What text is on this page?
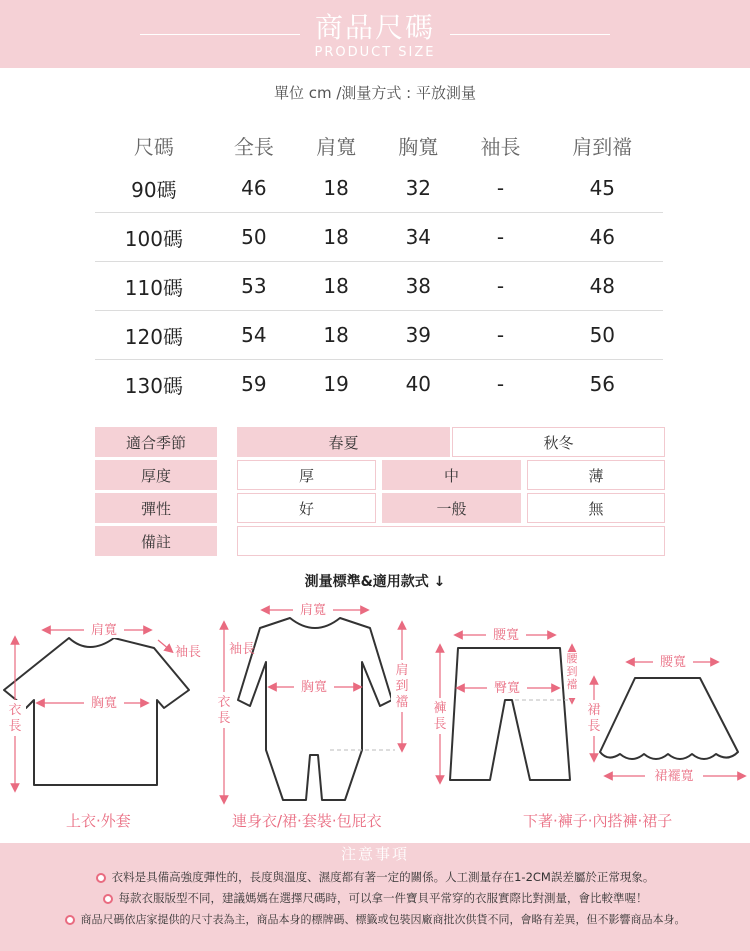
商品尺碼
PRODUCT SIZE
單位 cm /測量方式 : 平放測量
尺碼	全長	肩寬	胸寬	袖長	肩到襠
90碼	46	18	32	-	45
100碼	50	18	34	-	46
110碼	53	18	38	-	48
120碼	54	18	39	-	50
130碼	59	19	40	-	56
適合季節	春夏	秋冬
厚度	厚	中	薄
彈性	好	一般	無
備註
測量標準&適用款式 ↓
肩寬
袖長
胸寬
衣長
肩寬
袖長
胸寬
衣長
肩到襠
腰寬
臀寬
褲長
腰到襠
腰寬
裙長
裙襬寬
上衣·外套	連身衣/裙·套裝·包屁衣	下著·褲子·內搭褲·裙子
注意事項
衣料是具備高強度彈性的，長度與溫度、濕度都有著一定的關係。人工測量存在1-2CM誤差屬於正常現象。
每款衣服版型不同，建議媽媽在選擇尺碼時，可以拿一件寶貝平常穿的衣服實際比對測量，會比較準喔！
商品尺碼依店家提供的尺寸表為主，商品本身的標牌碼、標籤或包裝因廠商批次供貨不同，會略有差異，但不影響商品本身。
